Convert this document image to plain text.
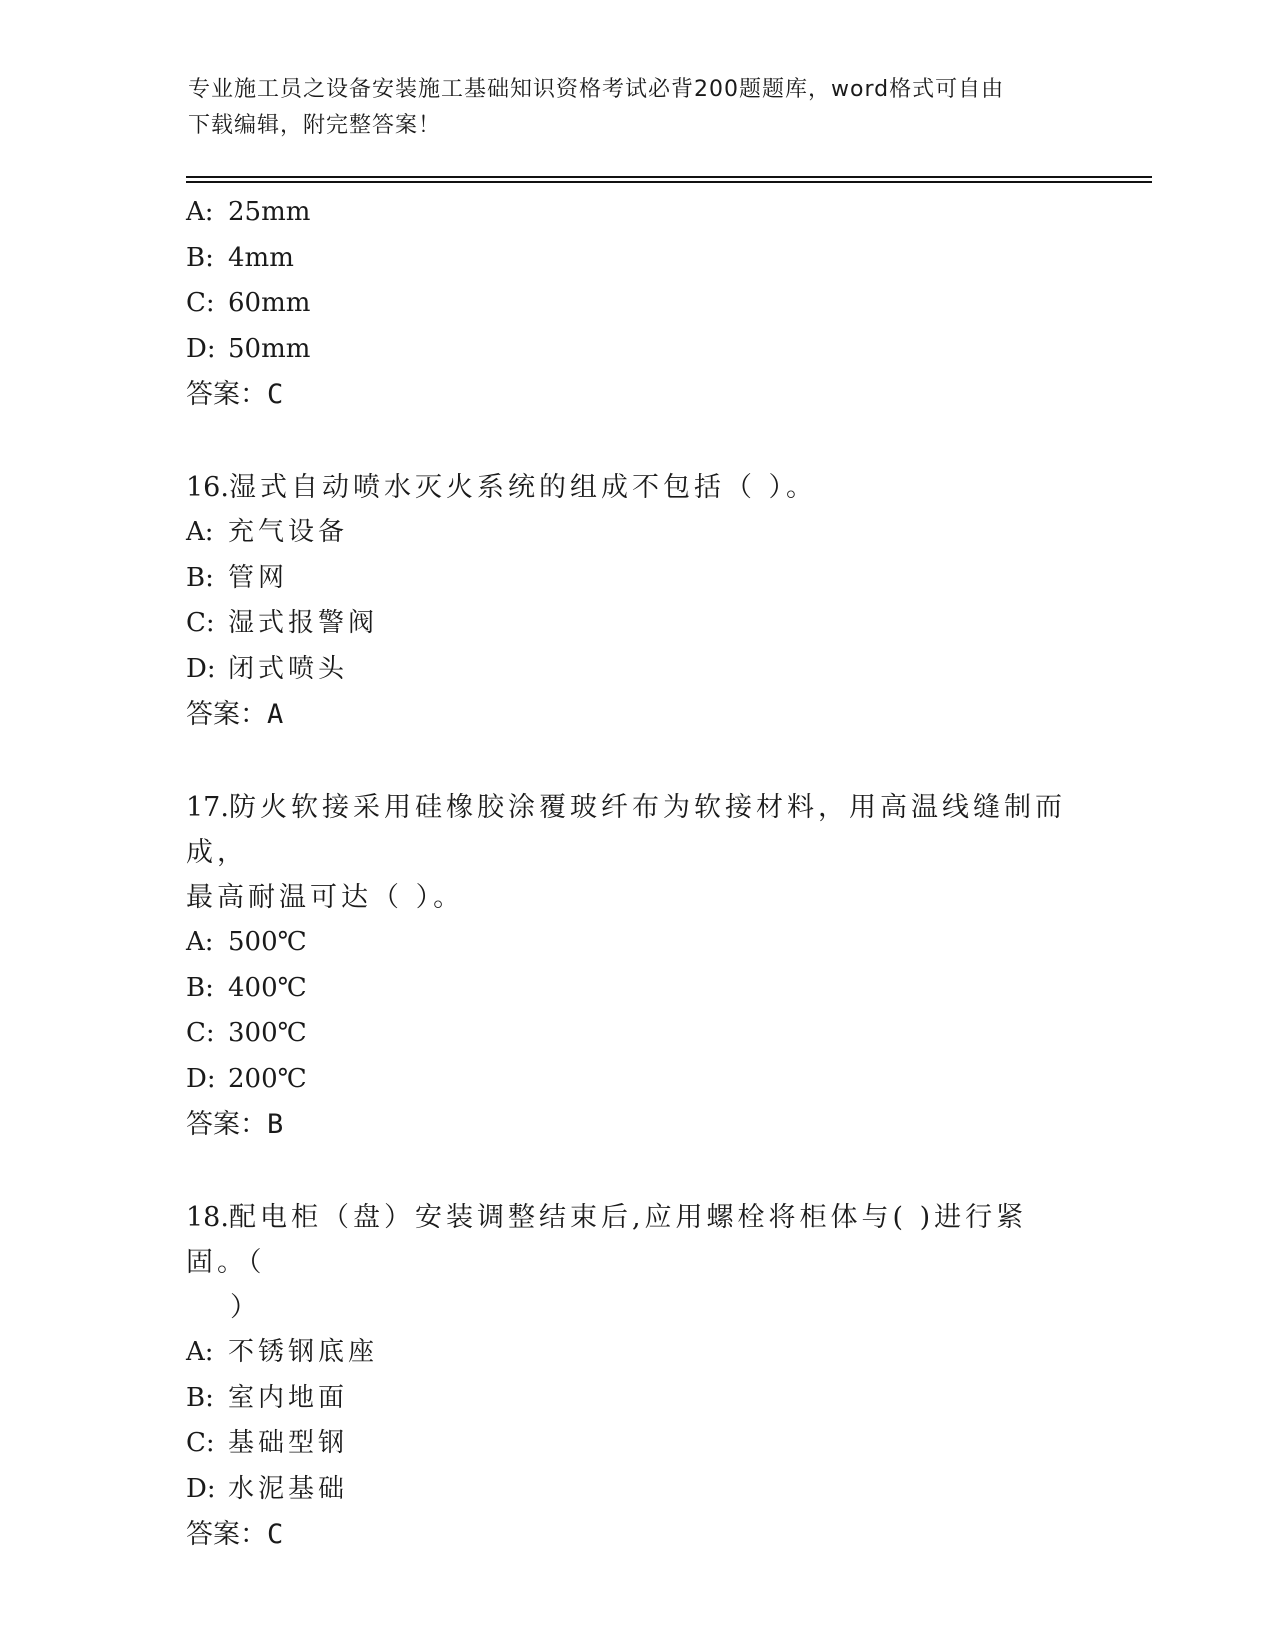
专业施工员之设备安装施工基础知识资格考试必背200题题库，word格式可自由
下载编辑，附完整答案！
A: 25mm
B: 4mm
C: 60mm
D: 50mm
答案：C

16.湿式自动喷水灭火系统的组成不包括（ ）。

A: 充气设备
B: 管网
C: 湿式报警阀
D: 闭式喷头
答案：A

17.防火软接采用硅橡胶涂覆玻纤布为软接材料，用高温线缝制而成，
最高耐温可达（ ）。

A: 500℃
B: 400℃
C: 300℃
D: 200℃
答案：B

18.配电柜（盘）安装调整结束后,应用螺栓将柜体与( )进行紧固。（
）

A: 不锈钢底座
B: 室内地面
C: 基础型钢
D: 水泥基础
答案：C
